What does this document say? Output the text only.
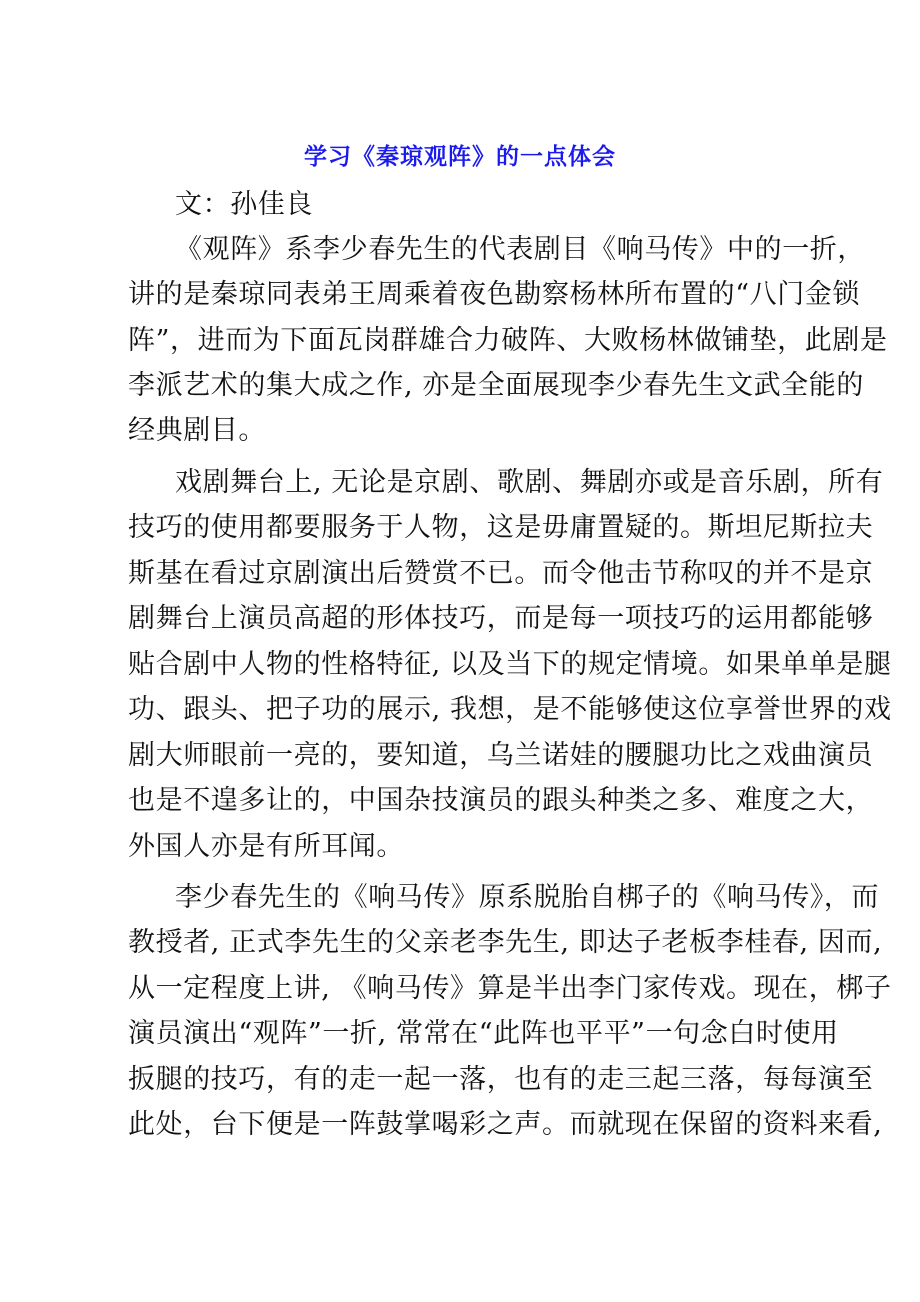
学习《秦琼观阵》的一点体会
文：孙佳良
《观阵》系李少春先生的代表剧目《响马传》中的一折，
讲的是秦琼同表弟王周乘着夜色勘察杨林所布置的“八门金锁
阵”，进而为下面瓦岗群雄合力破阵、大败杨林做铺垫，此剧是
李派艺术的集大成之作, 亦是全面展现李少春先生文武全能的
经典剧目。
戏剧舞台上, 无论是京剧、歌剧、舞剧亦或是音乐剧，所有
技巧的使用都要服务于人物，这是毋庸置疑的。斯坦尼斯拉夫
斯基在看过京剧演出后赞赏不已。而令他击节称叹的并不是京
剧舞台上演员高超的形体技巧，而是每一项技巧的运用都能够
贴合剧中人物的性格特征, 以及当下的规定情境。如果单单是腿
功、跟头、把子功的展示, 我想，是不能够使这位享誉世界的戏
剧大师眼前一亮的，要知道，乌兰诺娃的腰腿功比之戏曲演员
也是不遑多让的，中国杂技演员的跟头种类之多、难度之大，
外国人亦是有所耳闻。
李少春先生的《响马传》原系脱胎自梆子的《响马传》，而
教授者, 正式李先生的父亲老李先生, 即达子老板李桂春, 因而,
从一定程度上讲, 《响马传》算是半出李门家传戏。现在，梆子
演员演出“观阵”一折, 常常在“此阵也平平”一句念白时使用
扳腿的技巧，有的走一起一落，也有的走三起三落，每每演至
此处，台下便是一阵鼓掌喝彩之声。而就现在保留的资料来看,
